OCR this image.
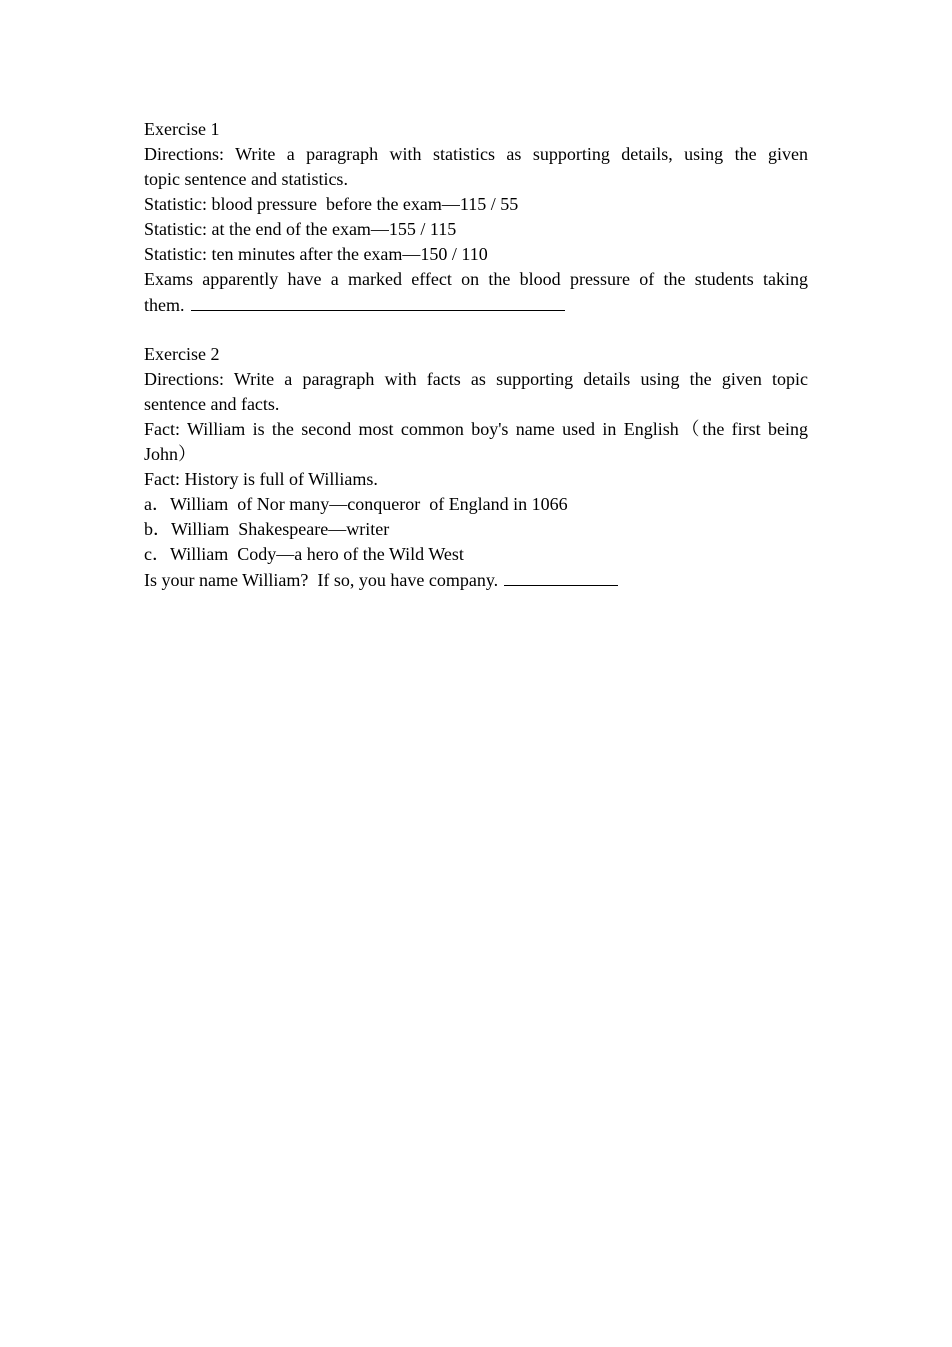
Exercise 1
Directions: Write a paragraph with statistics as supporting details, using the given
topic sentence and statistics.
Statistic: blood pressure  before the exam—115 / 55
Statistic: at the end of the exam—155 / 115
Statistic: ten minutes after the exam—150 / 110
Exams apparently have a marked effect on the blood pressure of the students taking
them.
Exercise 2
Directions: Write a paragraph with facts as supporting details using the given topic
sentence and facts.
Fact: William is the second most common boy's name used in English（the first being
John）
Fact: History is full of Williams.
a．William  of Nor many—conqueror  of England in 1066
b．William  Shakespeare—writer
c．William  Cody—a hero of the Wild West
Is your name William?  If so, you have company.
